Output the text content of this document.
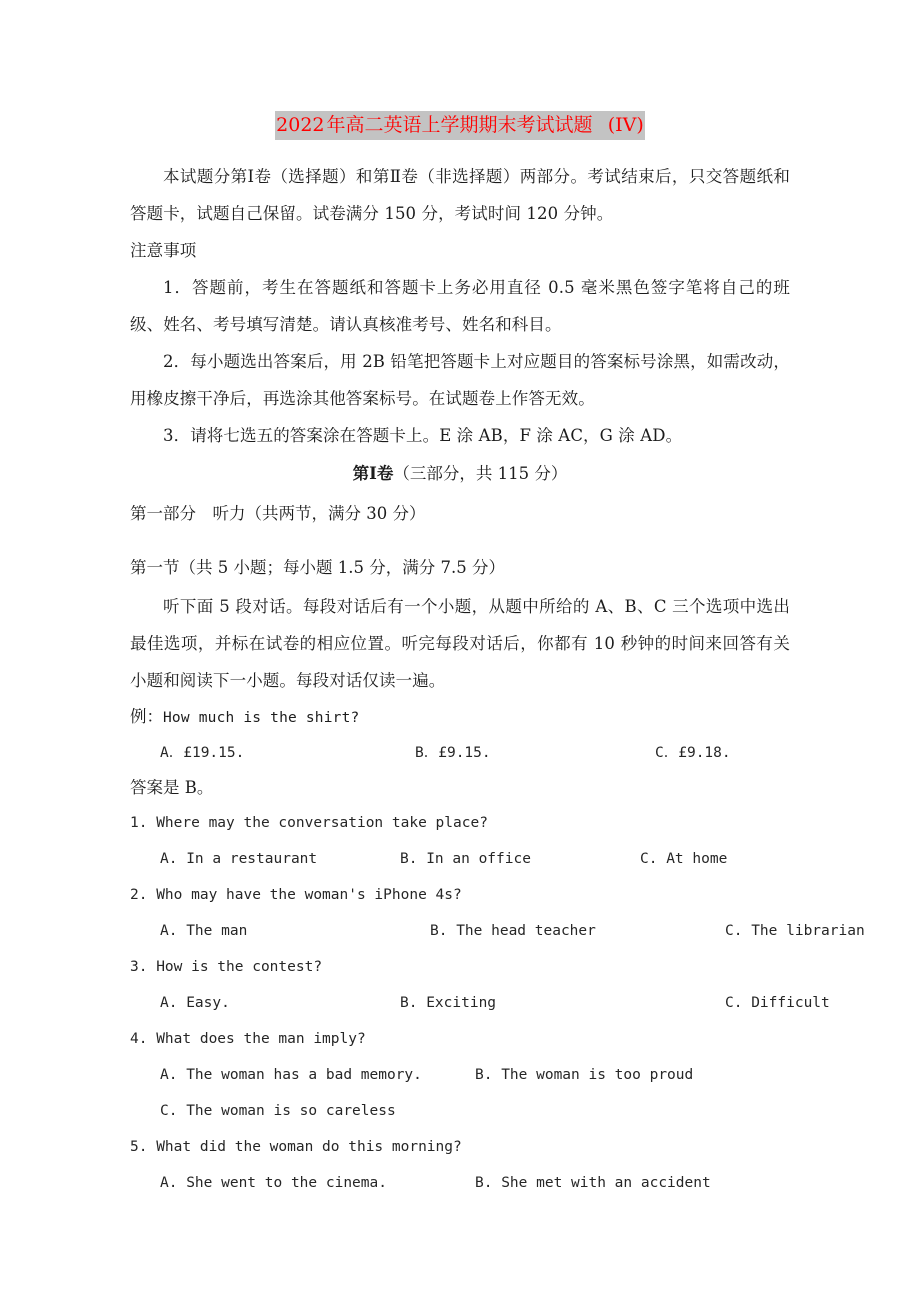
2022 年高二英语上学期期末考试试题 (IV)

本试题分第Ⅰ卷（选择题）和第Ⅱ卷（非选择题）两部分。考试结束后，只交答题纸和答题卡，试题自己保留。试卷满分 150 分，考试时间 120 分钟。

注意事项

1．答题前，考生在答题纸和答题卡上务必用直径 0.5 毫米黑色签字笔将自己的班级、姓名、考号填写清楚。请认真核准考号、姓名和科目。

2．每小题选出答案后，用 2B 铅笔把答题卡上对应题目的答案标号涂黑，如需改动，用橡皮擦干净后，再选涂其他答案标号。在试题卷上作答无效。

3．请将七选五的答案涂在答题卡上。E 涂 AB，F 涂 AC，G 涂 AD。

第Ⅰ卷（三部分，共 115 分）

第一部分　听力（共两节，满分 30 分）

第一节（共 5 小题；每小题 1.5 分，满分 7.5 分）

听下面 5 段对话。每段对话后有一个小题，从题中所给的 A、B、C 三个选项中选出最佳选项，并标在试卷的相应位置。听完每段对话后，你都有 10 秒钟的时间来回答有关小题和阅读下一小题。每段对话仅读一遍。

例：How much is the shirt?

A．£19.15.	B．£9.15.	C．£9.18.

答案是 B。

1. Where may the conversation take place?

A. In a restaurant	B. In an office	C. At home

2. Who may have the woman's iPhone 4s?

A. The man	B. The head teacher	C. The librarian

3. How is the contest?

A. Easy.	B. Exciting	C. Difficult

4. What does the man imply?

A. The woman has a bad memory.	B. The woman is too proud

C. The woman is so careless

5. What did the woman do this morning?

A. She went to the cinema.	B. She met with an accident
